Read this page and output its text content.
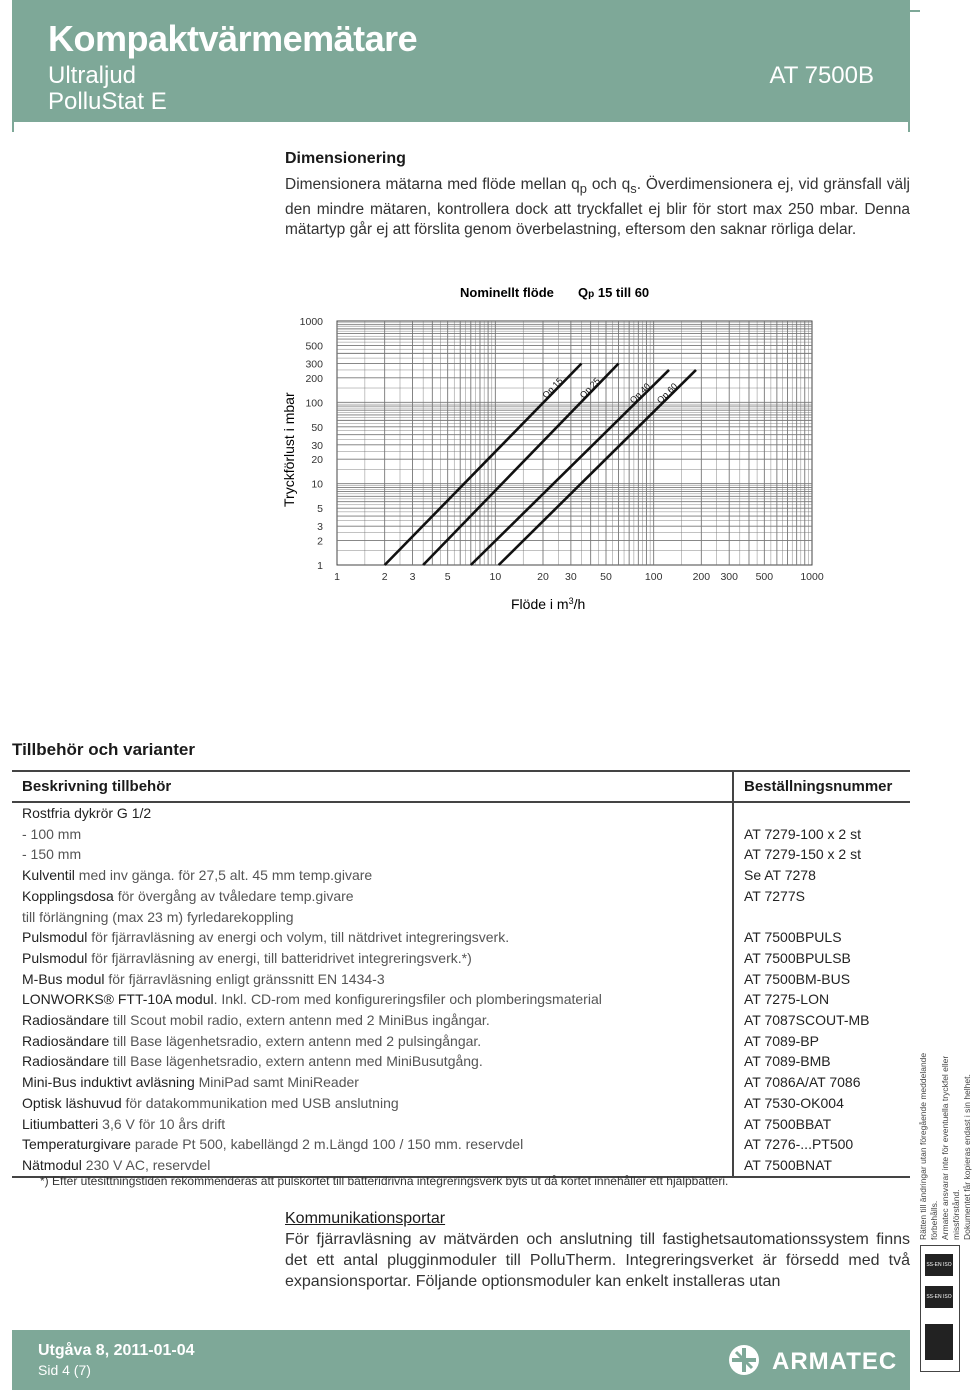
Kompaktvärmemätare
Ultraljud
PolluStat E
AT 7500B
Dimensionering
Dimensionera mätarna med flöde mellan $q_p$ och $q_s$. Överdimensionera ej, vid gränsfall välj den mindre mätaren, kontrollera dock att tryckfallet ej blir för stort max 250 mbar. Denna mätartyp går ej att förslita genom överbelastning, eftersom den saknar rörliga delar.
Nominellt flöde Qp 15 till 60
Tryckförlust i mbar
Flöde i $m^3/h$
1	2 3	5	10	20 30 50	100	200 300 500	1000
1
2
3
5
10
20
30
50
100
200
300
500
1000
Qp 15 Qp 25	Qp 40 Qp 60
Tillbehör och varianter
Beskrivning tillbehör	Beställningsnummer
Rostfria dykrör G 1/2	
- 100 mm	AT 7279-100 x 2 st
- 150 mm	AT 7279-150 x 2 st
Kulventil med inv gänga. för 27,5 alt. 45 mm temp.givare	Se AT 7278
Kopplingsdosa för övergång av tvåledare temp.givare	AT 7277S
till förlängning (max 23 m) fyrledarekoppling	
Pulsmodul för fjärravläsning av energi och volym, till nätdrivet integreringsverk.	AT 7500BPULS
Pulsmodul för fjärravläsning av energi, till batteridrivet integreringsverk.*)	AT 7500BPULSB
M-Bus modul för fjärravläsning enligt gränssnitt EN 1434-3	AT 7500BM-BUS
LONWORKS® FTT-10A modul. Inkl. CD-rom med konfigureringsfiler och plomberingsmaterial	AT 7275-LON
Radiosändare till Scout mobil radio, extern antenn med 2 MiniBus ingångar.	AT 7087SCOUT-MB
Radiosändare till Base lägenhetsradio, extern antenn med 2 pulsingångar.	AT 7089-BP
Radiosändare till Base lägenhetsradio, extern antenn med MiniBusutgång.	AT 7089-BMB
Mini-Bus induktivt avläsning MiniPad samt MiniReader	AT 7086A/AT 7086
Optisk läshuvud för datakommunikation med USB anslutning	AT 7530-OK004
Litiumbatteri 3,6 V för 10 års drift	AT 7500BBAT
Temperaturgivare parade Pt 500, kabellängd 2 m.Längd 100 / 150 mm. reservdel	AT 7276-...PT500
Nätmodul 230 V AC, reservdel	AT 7500BNAT
*) Efter utesittningstiden rekommenderas att pulskortet till batteridrivna integreringsverk byts ut då kortet innehåller ett hjälpbatteri.
Kommunikationsportar
För fjärravläsning av mätvärden och anslutning till fastighetsautomationssystem finns det ett antal plugginmoduler till PolluTherm. Integreringsverket är försedd med två expansionsportar. Följande optionsmoduler kan enkelt installeras utan
Rätten till ändringar utan föregående meddelande förbehålls. Armatec ansvarar inte för eventuella tryckfel eller missförstånd. Dokumentet får kopieras endast i sin helhet.
SS-EN ISO
SS-EN ISO 14001
Utgåva 8, 2011-01-04
Sid 4 (7)	ARMATEC
